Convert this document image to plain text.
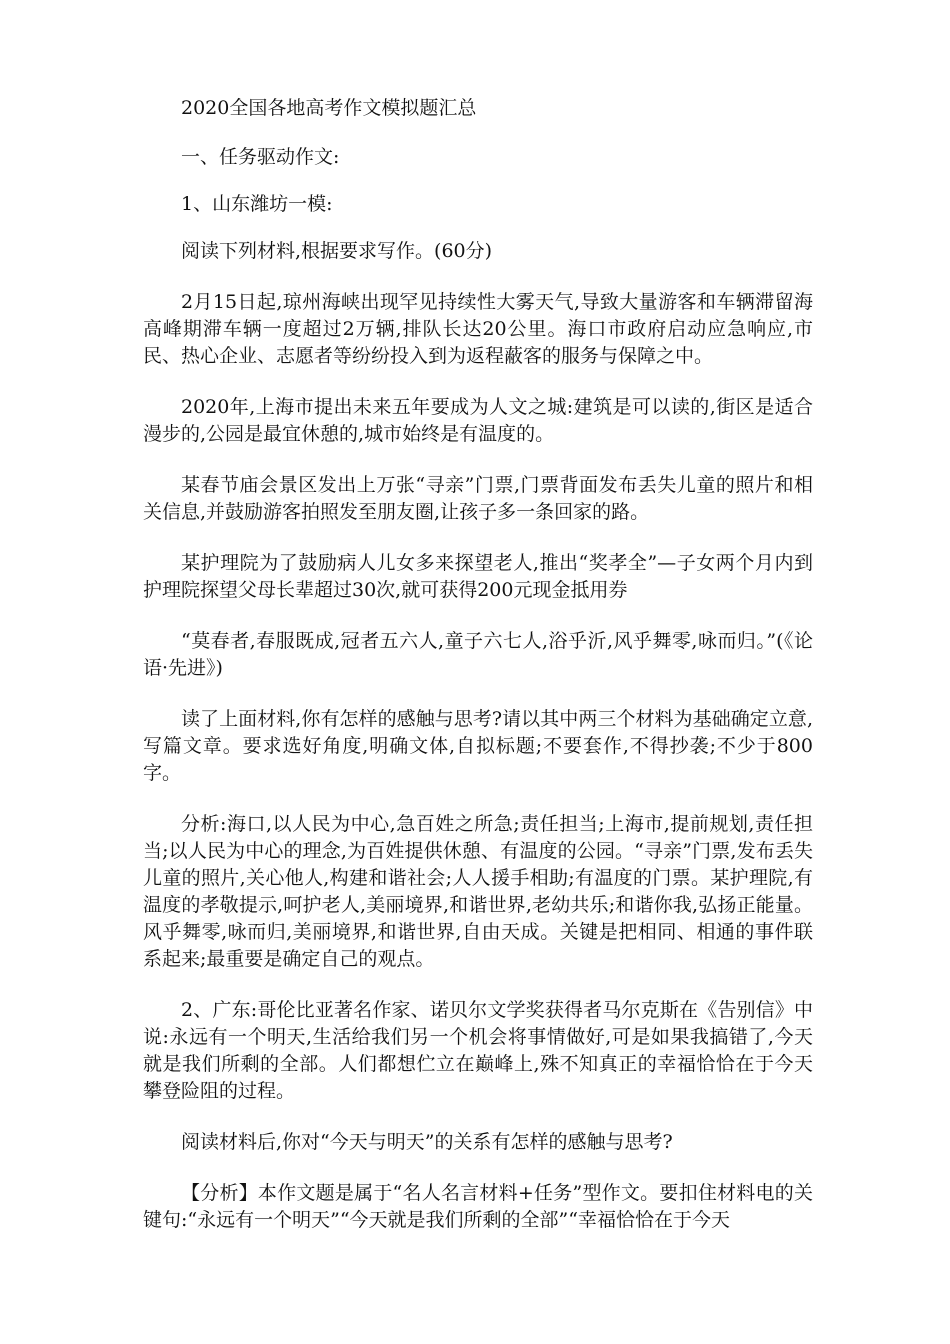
2020全国各地高考作文模拟题汇总

一、任务驱动作文:

1、山东潍坊一模:

阅读下列材料,根据要求写作。(60分)

2月15日起,琼州海峡出现罕见持续性大雾天气,导致大量游客和车辆滞留海高峰期滞车辆一度超过2万辆,排队长达20公里。海口市政府启动应急响应,市民、热心企业、志愿者等纷纷投入到为返程蔽客的服务与保障之中。

2020年,上海市提出未来五年要成为人文之城:建筑是可以读的,街区是适合漫步的,公园是最宜休憩的,城市始终是有温度的。

某春节庙会景区发出上万张“寻亲”门票,门票背面发布丢失儿童的照片和相关信息,并鼓励游客拍照发至朋友圈,让孩子多一条回家的路。

某护理院为了鼓励病人儿女多来探望老人,推出“奖孝全”—子女两个月内到护理院探望父母长辈超过30次,就可获得200元现金抵用券

“莫春者,春服既成,冠者五六人,童子六七人,浴乎沂,风乎舞零,咏而归。”(《论语·先进》)

读了上面材料,你有怎样的感触与思考?请以其中两三个材料为基础确定立意,写篇文章。要求选好角度,明确文体,自拟标题;不要套作,不得抄袭;不少于800字。

分析:海口,以人民为中心,急百姓之所急;责任担当;上海市,提前规划,责任担当;以人民为中心的理念,为百姓提供休憩、有温度的公园。“寻亲”门票,发布丢失儿童的照片,关心他人,构建和谐社会;人人援手相助;有温度的门票。某护理院,有温度的孝敬提示,呵护老人,美丽境界,和谐世界,老幼共乐;和谐你我,弘扬正能量。风乎舞零,咏而归,美丽境界,和谐世界,自由天成。关键是把相同、相通的事件联系起来;最重要是确定自己的观点。

2、广东:哥伦比亚著名作家、诺贝尔文学奖获得者马尔克斯在《告别信》中说:永远有一个明天,生活给我们另一个机会将事情做好,可是如果我搞错了,今天就是我们所剩的全部。人们都想伫立在巅峰上,殊不知真正的幸福恰恰在于今天攀登险阻的过程。

阅读材料后,你对“今天与明天”的关系有怎样的感触与思考?

【分析】本作文题是属于“名人名言材料+任务”型作文。要扣住材料电的关键句:“永远有一个明天”“今天就是我们所剩的全部”“幸福恰恰在于今天
